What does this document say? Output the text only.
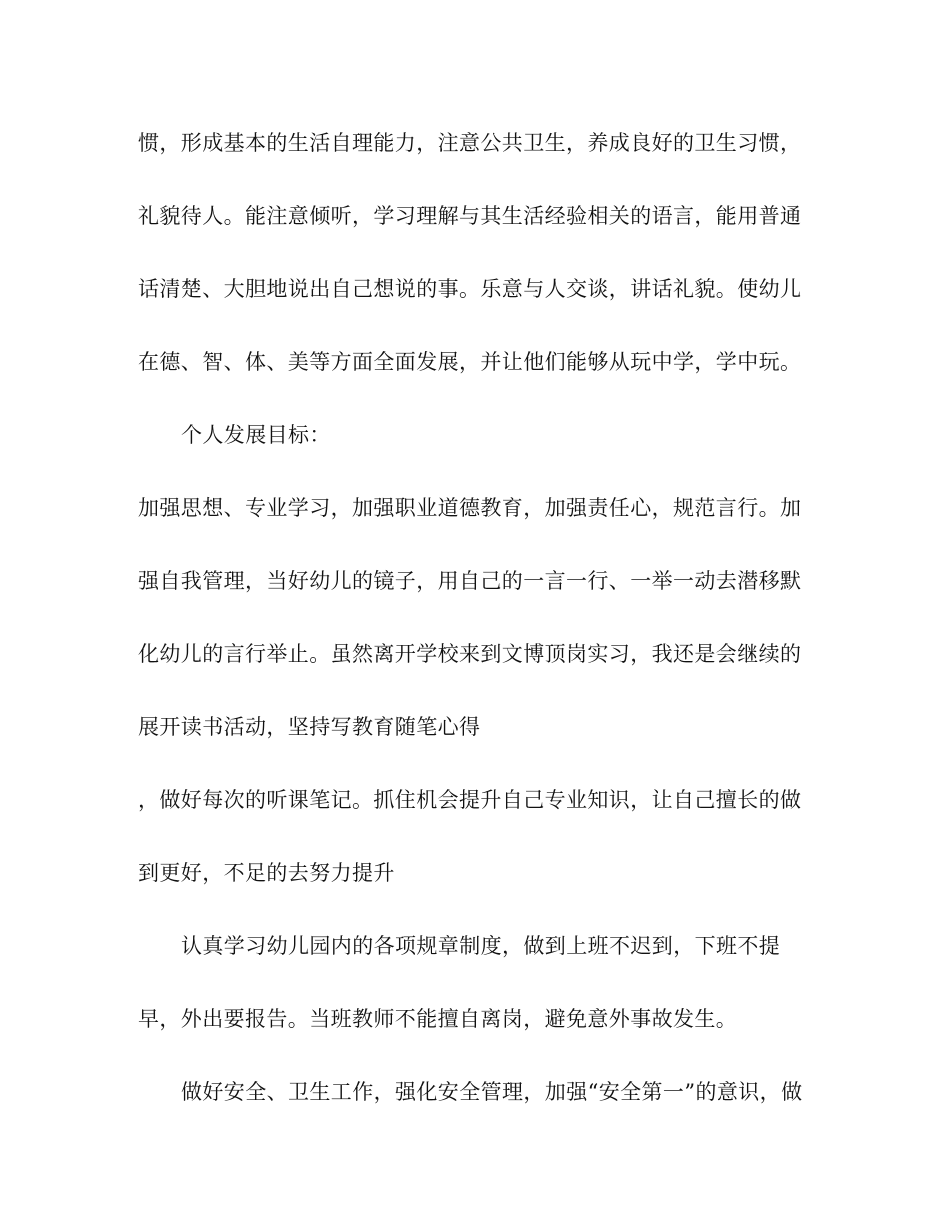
惯，形成基本的生活自理能力，注意公共卫生，养成良好的卫生习惯，
礼貌待人。能注意倾听，学习理解与其生活经验相关的语言，能用普通
话清楚、大胆地说出自己想说的事。乐意与人交谈，讲话礼貌。使幼儿
在德、智、体、美等方面全面发展，并让他们能够从玩中学，学中玩。
个人发展目标：
加强思想、专业学习，加强职业道德教育，加强责任心，规范言行。加
强自我管理，当好幼儿的镜子，用自己的一言一行、一举一动去潜移默
化幼儿的言行举止。虽然离开学校来到文博顶岗实习，我还是会继续的
展开读书活动，坚持写教育随笔心得
，做好每次的听课笔记。抓住机会提升自己专业知识，让自己擅长的做
到更好，不足的去努力提升
认真学习幼儿园内的各项规章制度，做到上班不迟到，下班不提
早，外出要报告。当班教师不能擅自离岗，避免意外事故发生。
做好安全、卫生工作，强化安全管理，加强“安全第一”的意识，做
